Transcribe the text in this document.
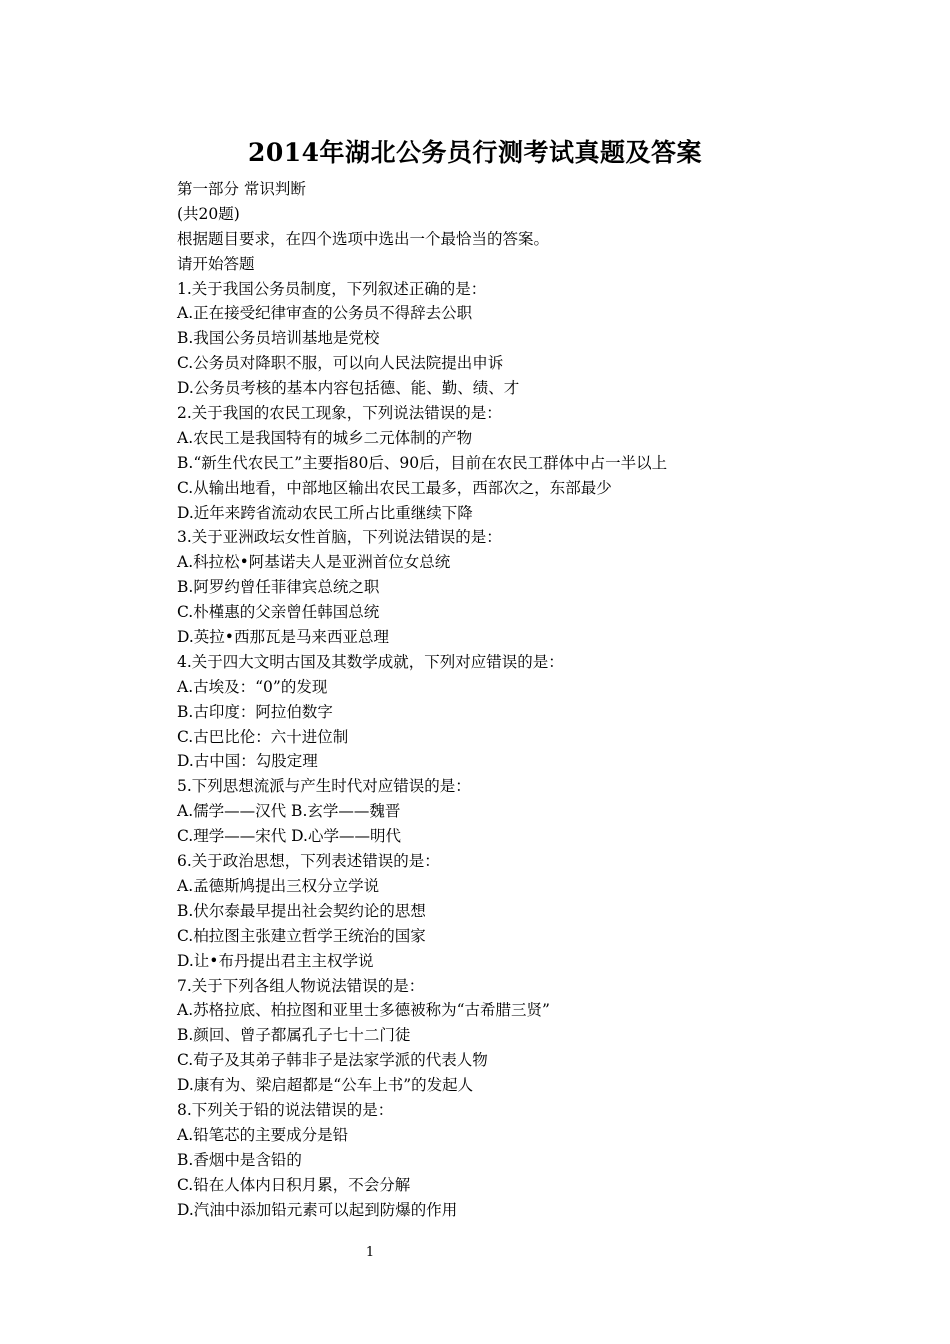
2014年湖北公务员行测考试真题及答案
第一部分 常识判断
(共20题)
根据题目要求，在四个选项中选出一个最恰当的答案。
请开始答题
1.关于我国公务员制度，下列叙述正确的是：
A.正在接受纪律审查的公务员不得辞去公职
B.我国公务员培训基地是党校
C.公务员对降职不服，可以向人民法院提出申诉
D.公务员考核的基本内容包括德、能、勤、绩、才
2.关于我国的农民工现象，下列说法错误的是：
A.农民工是我国特有的城乡二元体制的产物
B.“新生代农民工”主要指80后、90后，目前在农民工群体中占一半以上
C.从输出地看，中部地区输出农民工最多，西部次之，东部最少
D.近年来跨省流动农民工所占比重继续下降
3.关于亚洲政坛女性首脑，下列说法错误的是：
A.科拉松•阿基诺夫人是亚洲首位女总统
B.阿罗约曾任菲律宾总统之职
C.朴槿惠的父亲曾任韩国总统
D.英拉•西那瓦是马来西亚总理
4.关于四大文明古国及其数学成就，下列对应错误的是：
A.古埃及：“0”的发现
B.古印度：阿拉伯数字
C.古巴比伦：六十进位制
D.古中国：勾股定理
5.下列思想流派与产生时代对应错误的是：
A.儒学——汉代 B.玄学——魏晋
C.理学——宋代 D.心学——明代
6.关于政治思想，下列表述错误的是：
A.孟德斯鸠提出三权分立学说
B.伏尔泰最早提出社会契约论的思想
C.柏拉图主张建立哲学王统治的国家
D.让•布丹提出君主主权学说
7.关于下列各组人物说法错误的是：
A.苏格拉底、柏拉图和亚里士多德被称为“古希腊三贤”
B.颜回、曾子都属孔子七十二门徒
C.荀子及其弟子韩非子是法家学派的代表人物
D.康有为、梁启超都是“公车上书”的发起人
8.下列关于铅的说法错误的是：
A.铅笔芯的主要成分是铅
B.香烟中是含铅的
C.铅在人体内日积月累，不会分解
D.汽油中添加铅元素可以起到防爆的作用
1
